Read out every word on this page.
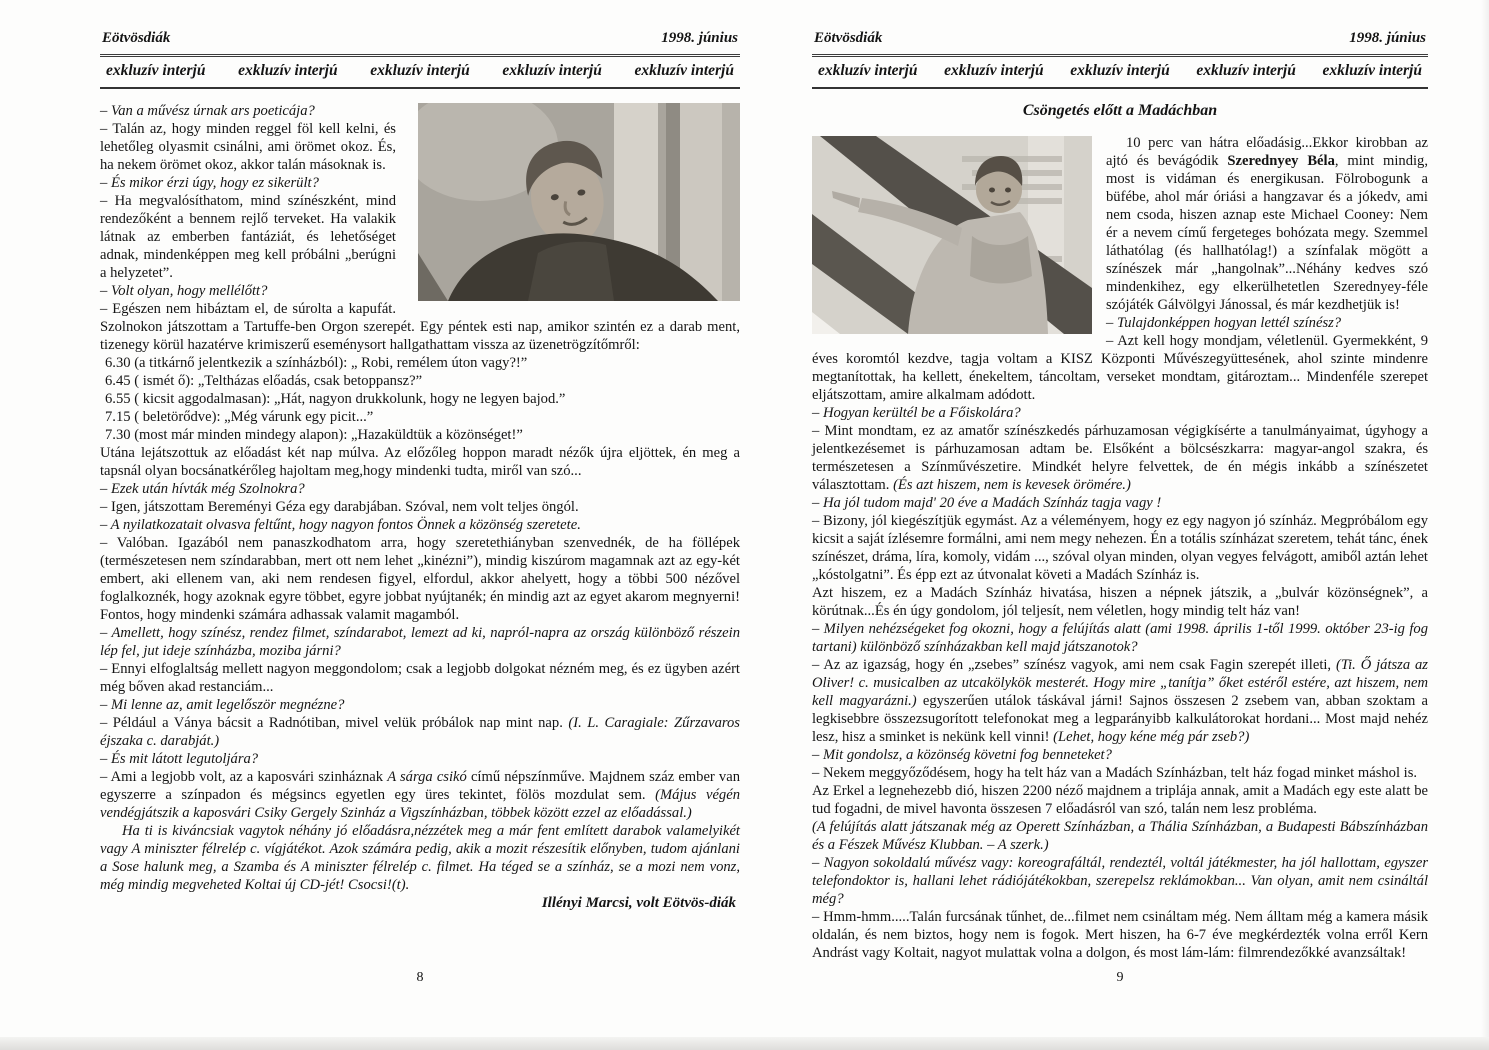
Eötvösdiák	1998. június
exkluzív interjú exkluzív interjú exkluzív interjú exkluzív interjú exkluzív interjú

– Van a művész úrnak ars poeticája?

– Talán az, hogy minden reggel föl kell kelni, és lehetőleg olyasmit csinálni, ami örömet okoz. És, ha nekem örömet okoz, akkor talán másoknak is.

– És mikor érzi úgy, hogy ez sikerült?

– Ha megvalósíthatom, mind színészként, mind rendezőként a bennem rejlő terveket. Ha valakik látnak az emberben fantáziát, és lehetőséget adnak, mindenképpen meg kell próbálni „berúgni a helyzetet”.

– Volt olyan, hogy mellélőtt?

– Egészen nem hibáztam el, de súrolta a kapufát. Szolnokon játszottam a Tartuffe-ben Orgon szerepét. Egy péntek esti nap, amikor szintén ez a darab ment, tizenegy körül hazatérve krimiszerű eseménysort hallgathattam vissza az üzenetrögzítőmről:

6.30 (a titkárnő jelentkezik a színházból): „ Robi, remélem úton vagy?!”

6.45 ( ismét ő): „Teltházas előadás, csak betoppansz?”

6.55 ( kicsit aggodalmasan): „Hát, nagyon drukkolunk, hogy ne legyen bajod.”

7.15 ( beletörődve): „Még várunk egy picit...”

7.30 (most már minden mindegy alapon): „Hazaküldtük a közönséget!”

Utána lejátszottuk az előadást két nap múlva. Az előzőleg hoppon maradt nézők újra eljöttek, én meg a tapsnál olyan bocsánatkérőleg hajoltam meg,hogy mindenki tudta, miről van szó...

– Ezek után hívták még Szolnokra?

– Igen, játszottam Bereményi Géza egy darabjában. Szóval, nem volt teljes öngól.

– A nyilatkozatait olvasva feltűnt, hogy nagyon fontos Önnek a közönség szeretete.

– Valóban. Igazából nem panaszkodhatom arra, hogy szeretethiányban szenvednék, de ha föllépek (természetesen nem színdarabban, mert ott nem lehet „kinézni”), mindig kiszúrom magamnak azt az egy-két embert, aki ellenem van, aki nem rendesen figyel, elfordul, akkor ahelyett, hogy a többi 500 nézővel foglalkoznék, hogy azoknak egyre többet, egyre jobbat nyújtanék; én mindig azt az egyet akarom megnyerni! Fontos, hogy mindenki számára adhassak valamit magamból.

– Amellett, hogy színész, rendez filmet, színdarabot, lemezt ad ki, napról-napra az ország különböző részein lép fel, jut ideje színházba, moziba járni?

– Ennyi elfoglaltság mellett nagyon meggondolom; csak a legjobb dolgokat nézném meg, és ez ügyben azért még bőven akad restanciám...

– Mi lenne az, amit legelőször megnézne?

– Például a Ványa bácsit a Radnótiban, mivel velük próbálok nap mint nap. (I. L. Caragiale: Zűrzavaros éjszaka c. darabját.)

– És mit látott legutoljára?

– Ami a legjobb volt, az a kaposvári szinháznak A sárga csikó című népszínműve. Majdnem száz ember van egyszerre a színpadon és mégsincs egyetlen egy üres tekintet, fölös mozdulat sem. (Május végén vendégjátszik a kaposvári Csiky Gergely Szinház a Vigszínházban, többek között ezzel az előadással.)

Ha ti is kiváncsiak vagytok néhány jó előadásra,nézzétek meg a már fent említett darabok valamelyikét vagy A miniszter félrelép c. vígjátékot. Azok számára pedig, akik a mozit részesítik előnyben, tudom ajánlani a Sose halunk meg, a Szamba és A miniszter félrelép c. filmet. Ha téged se a színház, se a mozi nem vonz, még mindig megveheted Koltai új CD-jét! Csocsi!(t).

Illényi Marcsi, volt Eötvös-diák

8
Eötvösdiák	1998. június
exkluzív interjú exkluzív interjú exkluzív interjú exkluzív interjú exkluzív interjú
Csöngetés előtt a Madáchban

10 perc van hátra előadásig...Ekkor kirobban az ajtó és bevágódik Szerednyey Béla, mint mindig, most is vidáman és energikusan. Fölrobogunk a büfébe, ahol már óriási a hangzavar és a jókedv, ami nem csoda, hiszen aznap este Michael Cooney: Nem ér a nevem című fergeteges bohózata megy. Szemmel láthatólag (és hallhatólag!) a színfalak mögött a színészek már „hangolnak”...Néhány kedves szó mindenkihez, egy elkerülhetetlen Szerednyey-féle szójáték Gálvölgyi Jánossal, és már kezdhetjük is!

– Tulajdonképpen hogyan lettél színész?

– Azt kell hogy mondjam, véletlenül. Gyermekként, 9 éves koromtól kezdve, tagja voltam a KISZ Központi Művészegyüttesének, ahol szinte mindenre megtanítottak, ha kellett, énekeltem, táncoltam, verseket mondtam, gitároztam... Mindenféle szerepet eljátszottam, amire alkalmam adódott.

– Hogyan kerültél be a Főiskolára?

– Mint mondtam, ez az amatőr színészkedés párhuzamosan végigkísérte a tanulmányaimat, úgyhogy a jelentkezésemet is párhuzamosan adtam be. Elsőként a bölcsészkarra: magyar-angol szakra, és természetesen a Színművészetire. Mindkét helyre felvettek, de én mégis inkább a színészetet választottam. (És azt hiszem, nem is kevesek örömére.)

– Ha jól tudom majd' 20 éve a Madách Színház tagja vagy !

– Bizony, jól kiegészítjük egymást. Az a véleményem, hogy ez egy nagyon jó színház. Megpróbálom egy kicsit a saját ízlésemre formálni, ami nem megy nehezen. Én a totális színházat szeretem, tehát tánc, ének színészet, dráma, líra, komoly, vidám ..., szóval olyan minden, olyan vegyes felvágott, amiből aztán lehet „kóstolgatni”. És épp ezt az útvonalat követi a Madách Színház is.

Azt hiszem, ez a Madách Színház hivatása, hiszen a népnek játszik, a „bulvár közönségnek”, a körútnak...És én úgy gondolom, jól teljesít, nem véletlen, hogy mindig telt ház van!

– Milyen nehézségeket fog okozni, hogy a felújítás alatt (ami 1998. április 1-től 1999. október 23-ig fog tartani) különböző színházakban kell majd játszanotok?

– Az az igazság, hogy én „zsebes” színész vagyok, ami nem csak Fagin szerepét illeti, (Ti. Ő játsza az Oliver! c. musicalben az utcakölykök mesterét. Hogy mire „tanítja” őket estéről estére, azt hiszem, nem kell magyarázni.) egyszerűen utálok táskával járni! Sajnos összesen 2 zsebem van, abban szoktam a legkisebbre összezsugorított telefonokat meg a legparányibb kalkulátorokat hordani... Most majd nehéz lesz, hisz a sminket is nekünk kell vinni! (Lehet, hogy kéne még pár zseb?)

– Mit gondolsz, a közönség követni fog benneteket?

– Nekem meggyőződésem, hogy ha telt ház van a Madách Színházban, telt ház fogad minket máshol is.

Az Erkel a legnehezebb dió, hiszen 2200 néző majdnem a triplája annak, amit a Madách egy este alatt be tud fogadni, de mivel havonta összesen 7 előadásról van szó, talán nem lesz probléma.

(A felújítás alatt játszanak még az Operett Színházban, a Thália Színházban, a Budapesti Bábszínházban és a Fészek Művész Klubban. – A szerk.)

– Nagyon sokoldalú művész vagy: koreografáltál, rendeztél, voltál játékmester, ha jól hallottam, egyszer telefondoktor is, hallani lehet rádiójátékokban, szerepelsz reklámokban... Van olyan, amit nem csináltál még?

– Hmm-hmm.....Talán furcsának tűnhet, de...filmet nem csináltam még. Nem álltam még a kamera másik oldalán, és nem biztos, hogy nem is fogok. Mert hiszen, ha 6-7 éve megkérdezték volna erről Kern Andrást vagy Koltait, nagyot mulattak volna a dolgon, és most lám-lám: filmrendezőkké avanzsáltak!

9
